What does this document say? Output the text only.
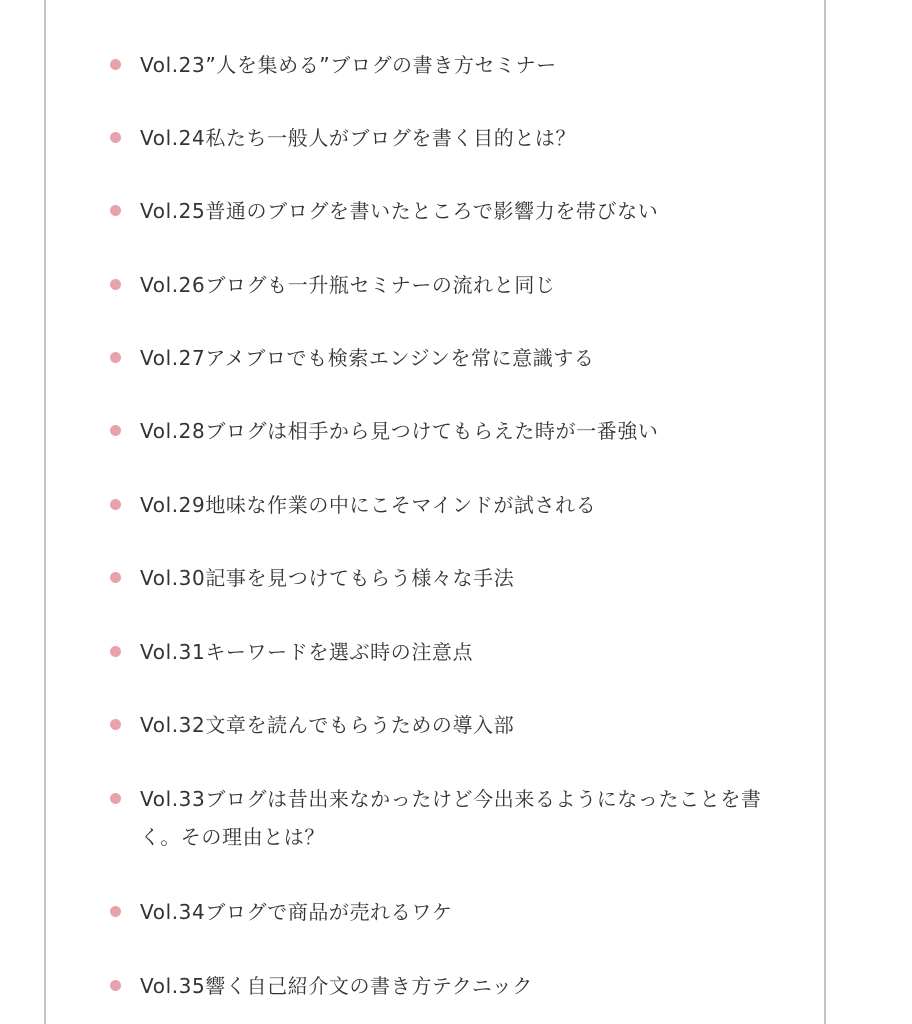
Vol.23”人を集める”ブログの書き方セミナー
Vol.24私たち一般人がブログを書く目的とは？
Vol.25普通のブログを書いたところで影響力を帯びない
Vol.26ブログも一升瓶セミナーの流れと同じ
Vol.27アメブロでも検索エンジンを常に意識する
Vol.28ブログは相手から見つけてもらえた時が一番強い
Vol.29地味な作業の中にこそマインドが試される
Vol.30記事を見つけてもらう様々な手法
Vol.31キーワードを選ぶ時の注意点
Vol.32文章を読んでもらうための導入部
Vol.33ブログは昔出来なかったけど今出来るようになったことを書く。その理由とは？
Vol.34ブログで商品が売れるワケ
Vol.35響く自己紹介文の書き方テクニック
